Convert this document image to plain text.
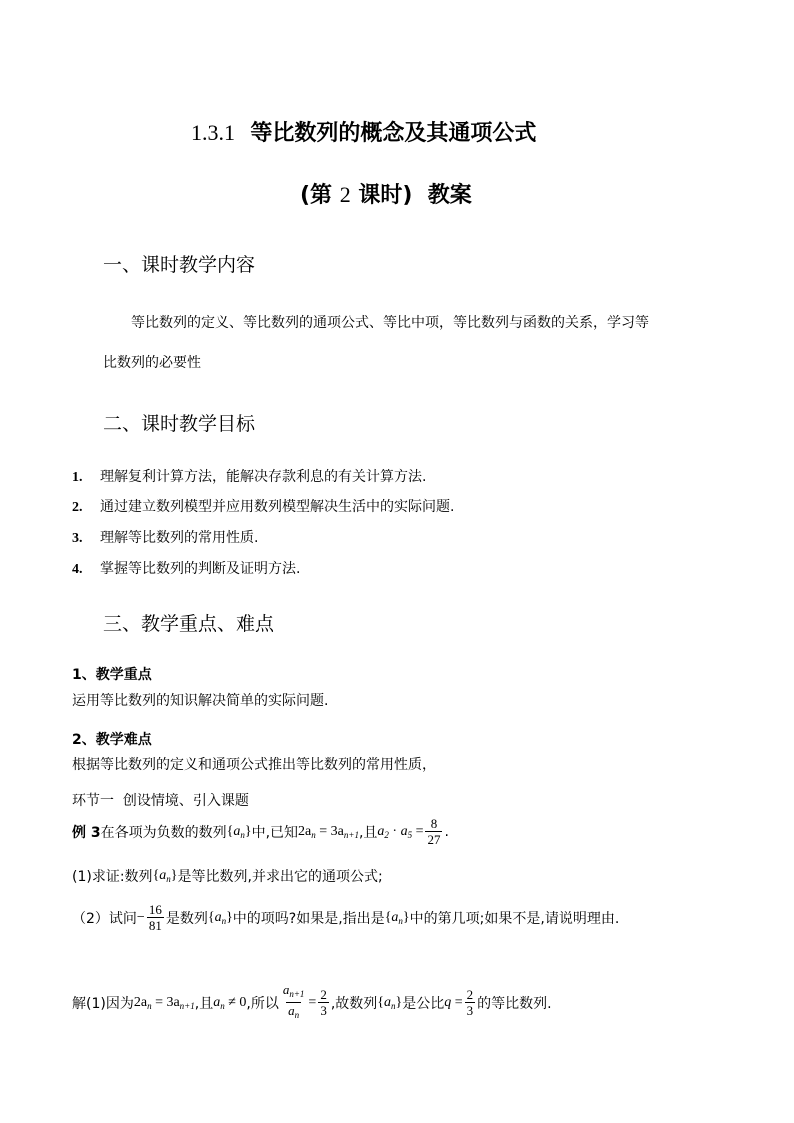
1.3.1 等比数列的概念及其通项公式
(第 2 课时) 教案
一、课时教学内容
等比数列的定义、等比数列的通项公式、等比中项，等比数列与函数的关系，学习等
比数列的必要性
二、课时教学目标
1. 理解复利计算方法，能解决存款利息的有关计算方法.
2. 通过建立数列模型并应用数列模型解决生活中的实际问题.
3. 理解等比数列的常用性质.
4. 掌握等比数列的判断及证明方法.
三、教学重点、难点
1、教学重点
运用等比数列的知识解决简单的实际问题.
2、教学难点
根据等比数列的定义和通项公式推出等比数列的常用性质，
环节一 创设情境、引入课题
例 3 在各项为负数的数列 $\{a_n\}$ 中,已知 $2a_n = 3a_{n+1}$ ,且 $a_2 \cdot a_5 = \frac{8}{27}$ .
(1)求证:数列 $\{a_n\}$ 是等比数列,并求出它的通项公式;
（2）试问 − $\frac{16}{81}$ 是数列 $\{a_n\}$ 中的项吗?如果是,指出是 $\{a_n\}$ 中的第几项;如果不是,请说明理由.
解(1)因为 $2a_n = 3a_{n+1}$ ,且 $a_n \ne 0$ ,所以 $\frac{a_{n+1}}{a_n} = \frac{2}{3}$ ,故数列 $\{a_n\}$ 是公比 $q = \frac{2}{3}$ 的等比数列.
